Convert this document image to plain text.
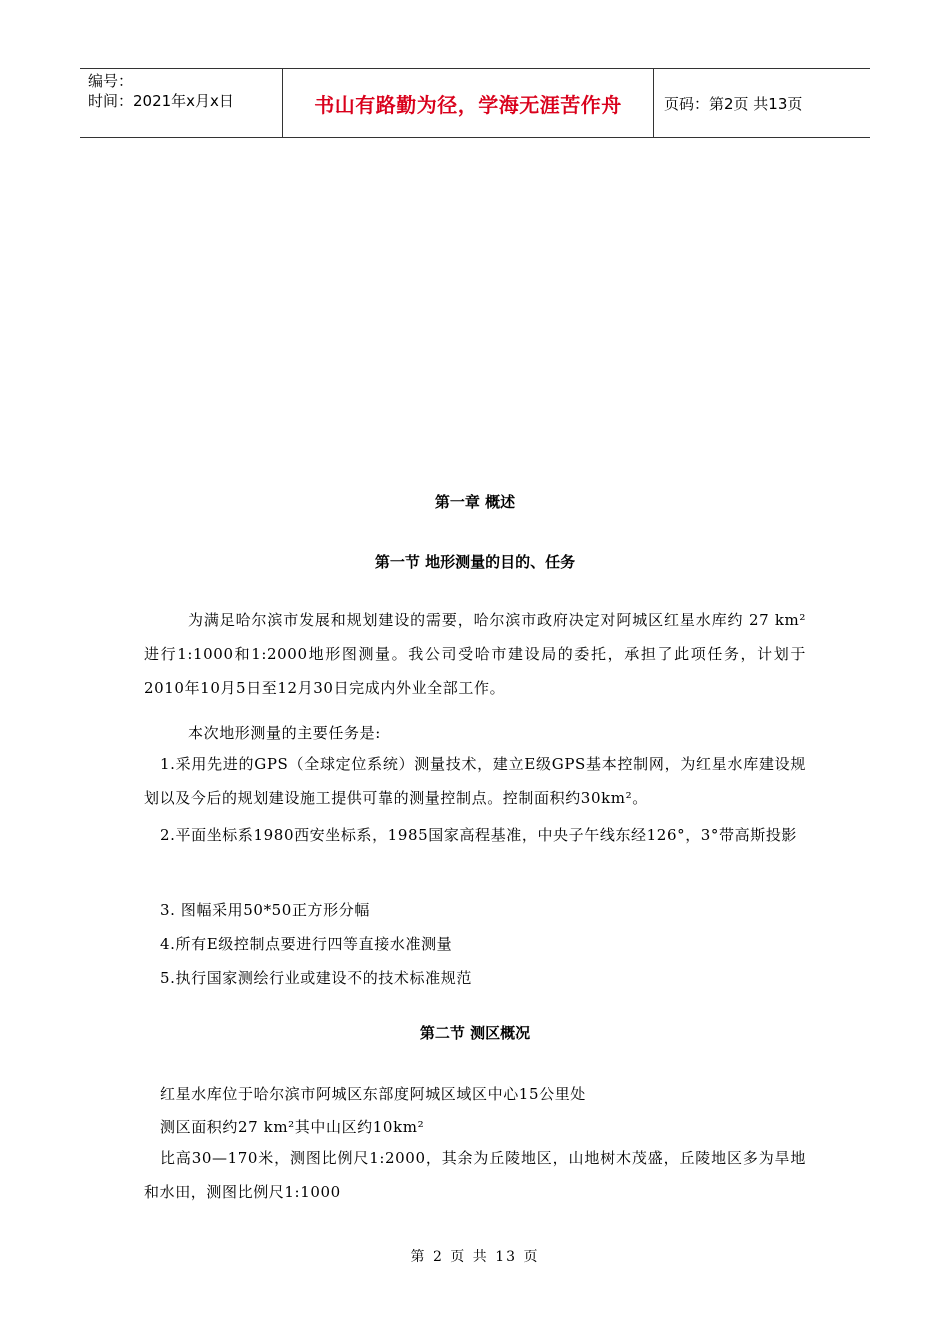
编号：
时间：2021年x月x日	书山有路勤为径，学海无涯苦作舟	页码：第2页 共13页
第一章 概述
第一节 地形测量的目的、任务
为满足哈尔滨市发展和规划建设的需要，哈尔滨市政府决定对阿城区红星水库约 27 km²进行1:1000和1:2000地形图测量。我公司受哈市建设局的委托，承担了此项任务，计划于2010年10月5日至12月30日完成内外业全部工作。
本次地形测量的主要任务是:
1.采用先进的GPS（全球定位系统）测量技术，建立E级GPS基本控制网，为红星水库建设规划以及今后的规划建设施工提供可靠的测量控制点。控制面积约30km²。
2.平面坐标系1980西安坐标系，1985国家高程基准，中央子午线东经126°，3°带高斯投影
3. 图幅采用50*50正方形分幅
4.所有E级控制点要进行四等直接水准测量
5.执行国家测绘行业或建设不的技术标准规范
第二节 测区概况
红星水库位于哈尔滨市阿城区东部度阿城区域区中心15公里处
测区面积约27 km²其中山区约10km²
比高30—170米，测图比例尺1:2000，其余为丘陵地区，山地树木茂盛，丘陵地区多为旱地和水田，测图比例尺1:1000
第 2 页 共 13 页
